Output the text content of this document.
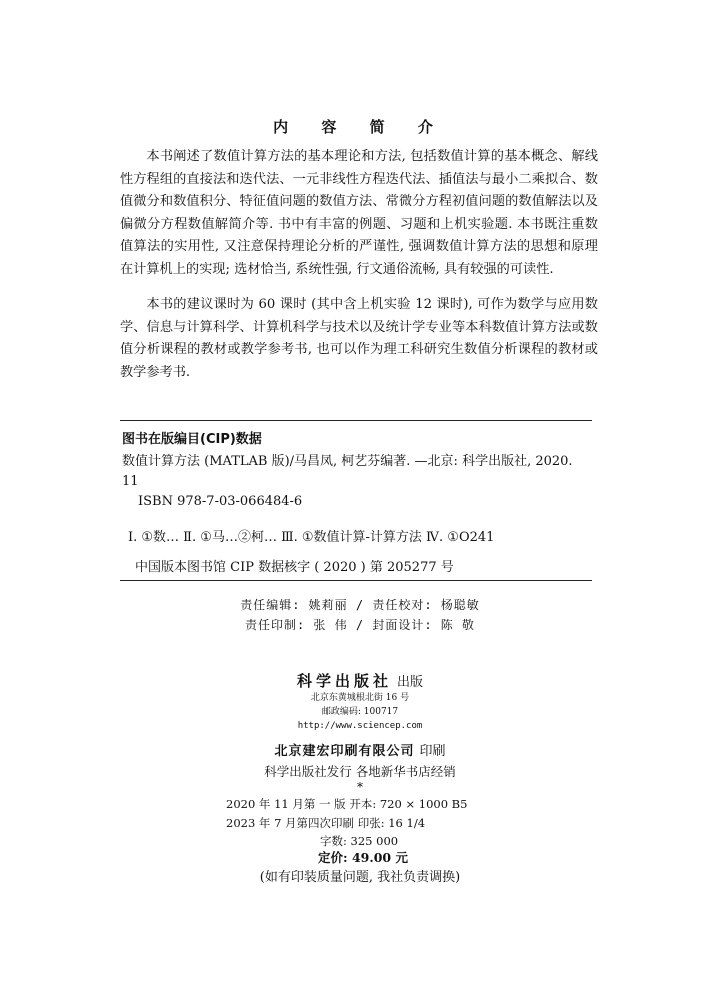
内 容 简 介

本书阐述了数值计算方法的基本理论和方法, 包括数值计算的基本概念、解线性方程组的直接法和迭代法、一元非线性方程迭代法、插值法与最小二乘拟合、数值微分和数值积分、特征值问题的数值方法、常微分方程初值问题的数值解法以及偏微分方程数值解简介等. 书中有丰富的例题、习题和上机实验题. 本书既注重数值算法的实用性, 又注意保持理论分析的严谨性, 强调数值计算方法的思想和原理在计算机上的实现; 选材恰当, 系统性强, 行文通俗流畅, 具有较强的可读性.

本书的建议课时为 60 课时 (其中含上机实验 12 课时), 可作为数学与应用数学、信息与计算科学、计算机科学与技术以及统计学专业等本科数值计算方法或数值分析课程的教材或教学参考书, 也可以作为理工科研究生数值分析课程的教材或教学参考书.

图书在版编目(CIP)数据
数值计算方法 (MATLAB 版)/马昌凤, 柯艺芬编著. —北京: 科学出版社, 2020. 11
ISBN 978-7-03-066484-6
Ⅰ. ①数… Ⅱ. ①马…②柯… Ⅲ. ①数值计算-计算方法 Ⅳ. ①O241
中国版本图书馆 CIP 数据核字 ( 2020 ) 第 205277 号
责任编辑: 姚莉丽 / 责任校对: 杨聪敏
责任印制: 张 伟 / 封面设计: 陈 敬
科学出版社 出版
北京东黄城根北街 16 号
邮政编码: 100717
http://www.sciencep.com
北京建宏印刷有限公司 印刷
科学出版社发行 各地新华书店经销
*
2020 年 11 月第 一 版 开本: 720 × 1000 B5
2023 年 7 月第四次印刷 印张: 16 1/4
字数: 325 000
定价: 49.00 元
(如有印装质量问题, 我社负责调换)
